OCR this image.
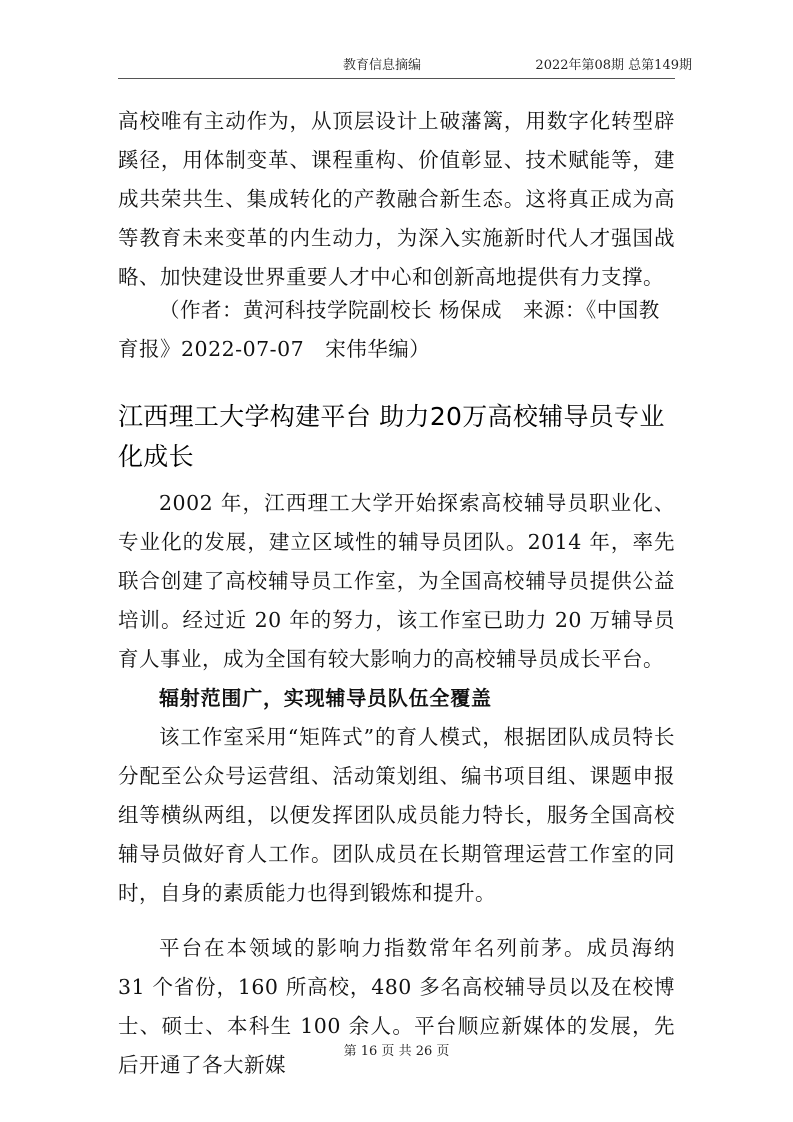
教育信息摘编	2022年第08期 总第149期

高校唯有主动作为，从顶层设计上破藩篱，用数字化转型辟蹊径，用体制变革、课程重构、价值彰显、技术赋能等，建成共荣共生、集成转化的产教融合新生态。这将真正成为高等教育未来变革的内生动力，为深入实施新时代人才强国战略、加快建设世界重要人才中心和创新高地提供有力支撑。

（作者：黄河科技学院副校长 杨保成　来源：《中国教
育报》2022-07-07　宋伟华编）
江西理工大学构建平台 助力20万高校辅导员专业化成长

2002 年，江西理工大学开始探索高校辅导员职业化、专业化的发展，建立区域性的辅导员团队。2014 年，率先联合创建了高校辅导员工作室，为全国高校辅导员提供公益培训。经过近 20 年的努力，该工作室已助力 20 万辅导员育人事业，成为全国有较大影响力的高校辅导员成长平台。

辐射范围广，实现辅导员队伍全覆盖

该工作室采用“矩阵式”的育人模式，根据团队成员特长分配至公众号运营组、活动策划组、编书项目组、课题申报组等横纵两组，以便发挥团队成员能力特长，服务全国高校辅导员做好育人工作。团队成员在长期管理运营工作室的同时，自身的素质能力也得到锻炼和提升。

平台在本领域的影响力指数常年名列前茅。成员海纳 31 个省份，160 所高校，480 多名高校辅导员以及在校博士、硕士、本科生 100 余人。平台顺应新媒体的发展，先后开通了各大新媒

第 16 页 共 26 页
